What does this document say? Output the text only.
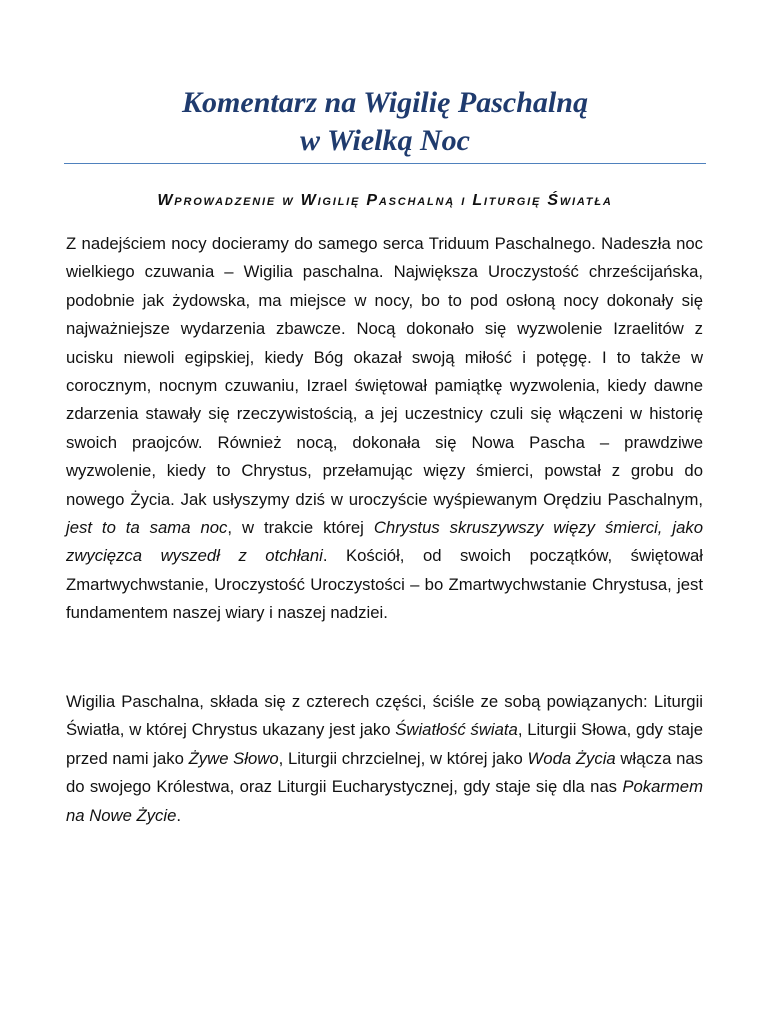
Komentarz na Wigilię Paschalną
w Wielką Noc
Wprowadzenie w Wigilię Paschalną i Liturgię Światła

Z nadejściem nocy docieramy do samego serca Triduum Paschalnego. Nadeszła noc wielkiego czuwania – Wigilia paschalna. Największa Uroczystość chrześcijańska, podobnie jak żydowska, ma miejsce w nocy, bo to pod osłoną nocy dokonały się najważniejsze wydarzenia zbawcze. Nocą dokonało się wyzwolenie Izraelitów z ucisku niewoli egipskiej, kiedy Bóg okazał swoją miłość i potęgę. I to także w corocznym, nocnym czuwaniu, Izrael świętował pamiątkę wyzwolenia, kiedy dawne zdarzenia stawały się rzeczywistością, a jej uczestnicy czuli się włączeni w historię swoich praojców. Również nocą, dokonała się Nowa Pascha – prawdziwe wyzwolenie, kiedy to Chrystus, przełamując więzy śmierci, powstał z grobu do nowego Życia. Jak usłyszymy dziś w uroczyście wyśpiewanym Orędziu Paschalnym, jest to ta sama noc, w trakcie której Chrystus skruszywszy więzy śmierci, jako zwycięzca wyszedł z otchłani. Kościół, od swoich początków, świętował Zmartwychwstanie, Uroczystość Uroczystości – bo Zmartwychwstanie Chrystusa, jest fundamentem naszej wiary i naszej nadziei.

Wigilia Paschalna, składa się z czterech części, ściśle ze sobą powiązanych: Liturgii Światła, w której Chrystus ukazany jest jako Światłość świata, Liturgii Słowa, gdy staje przed nami jako Żywe Słowo, Liturgii chrzcielnej, w której jako Woda Życia włącza nas do swojego Królestwa, oraz Liturgii Eucharystycznej, gdy staje się dla nas Pokarmem na Nowe Życie.
